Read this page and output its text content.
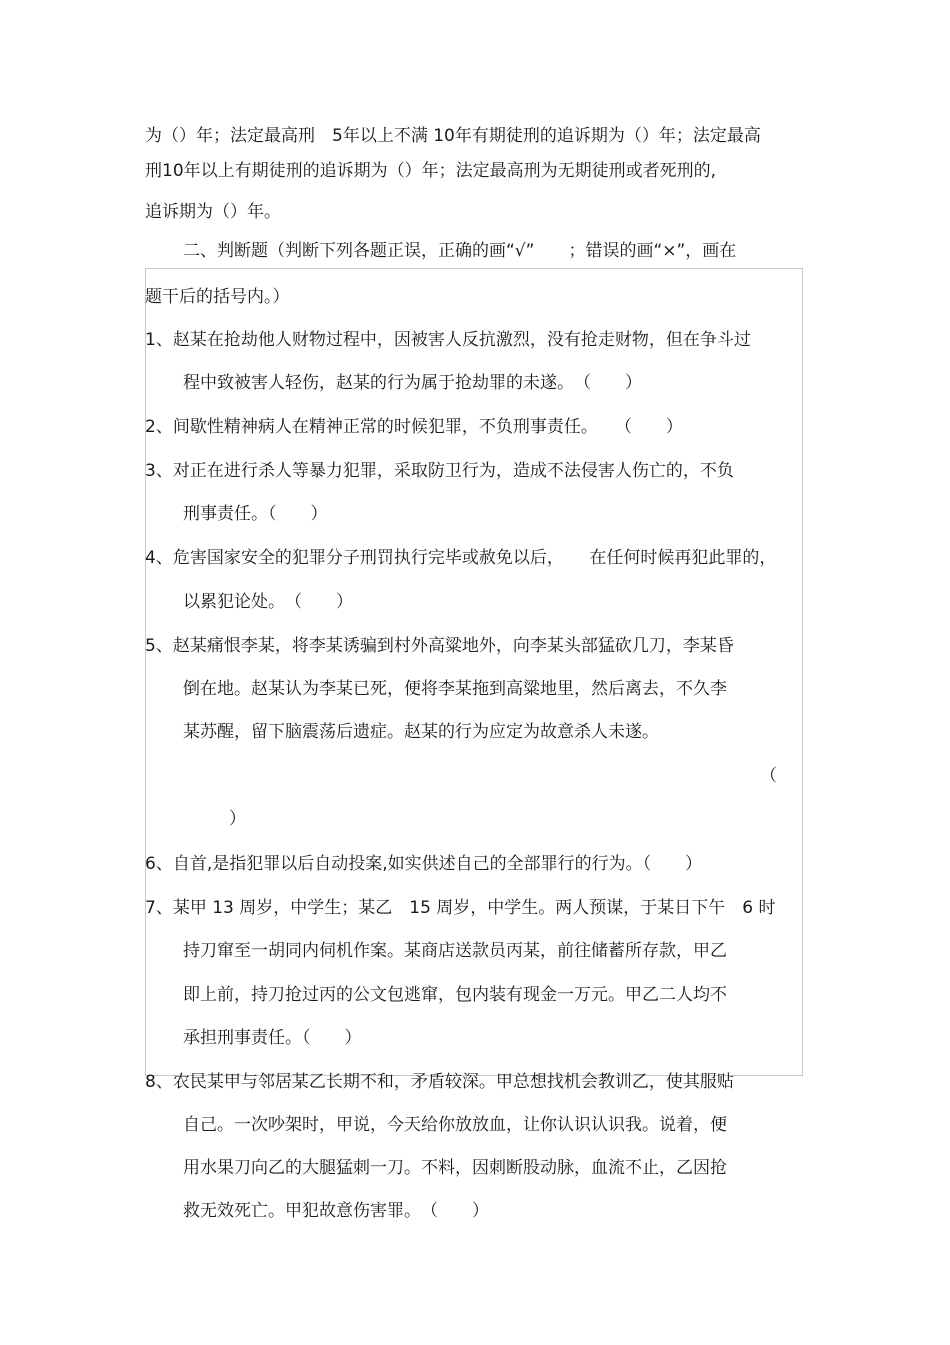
为（）年；法定最高刑　5年以上不满 10年有期徒刑的追诉期为（）年；法定最高
刑10年以上有期徒刑的追诉期为（）年；法定最高刑为无期徒刑或者死刑的,
追诉期为（）年。
二、判断题（判断下列各题正误，正确的画“√”　　；错误的画“×”，画在
题干后的括号内。）
1、赵某在抢劫他人财物过程中，因被害人反抗激烈，没有抢走财物，但在争斗过
程中致被害人轻伤，赵某的行为属于抢劫罪的未遂。　（　　）
2、间歇性精神病人在精神正常的时候犯罪，不负刑事责任。　　（　　）
3、对正在进行杀人等暴力犯罪，采取防卫行为，造成不法侵害人伤亡的，不负
刑事责任。（　　）
4、危害国家安全的犯罪分子刑罚执行完毕或赦免以后，　　在任何时候再犯此罪的，
以累犯论处。　（　　）
5、赵某痛恨李某，将李某诱骗到村外高粱地外，向李某头部猛砍几刀，李某昏
倒在地。赵某认为李某已死，便将李某拖到高粱地里，然后离去，不久李
某苏醒，留下脑震荡后遗症。赵某的行为应定为故意杀人未遂。
（
）
6、自首,是指犯罪以后自动投案,如实供述自己的全部罪行的行为。（　　）
7、某甲 13 周岁，中学生；某乙　15 周岁，中学生。两人预谋，于某日下午　6 时
持刀窜至一胡同内伺机作案。某商店送款员丙某，前往储蓄所存款，甲乙
即上前，持刀抢过丙的公文包逃窜，包内装有现金一万元。甲乙二人均不
承担刑事责任。（　　）
8、农民某甲与邻居某乙长期不和，矛盾较深。甲总想找机会教训乙，使其服贴
自己。一次吵架时，甲说，今天给你放放血，让你认识认识我。说着，便
用水果刀向乙的大腿猛刺一刀。不料，因刺断股动脉，血流不止，乙因抢
救无效死亡。甲犯故意伤害罪。　（　　）
